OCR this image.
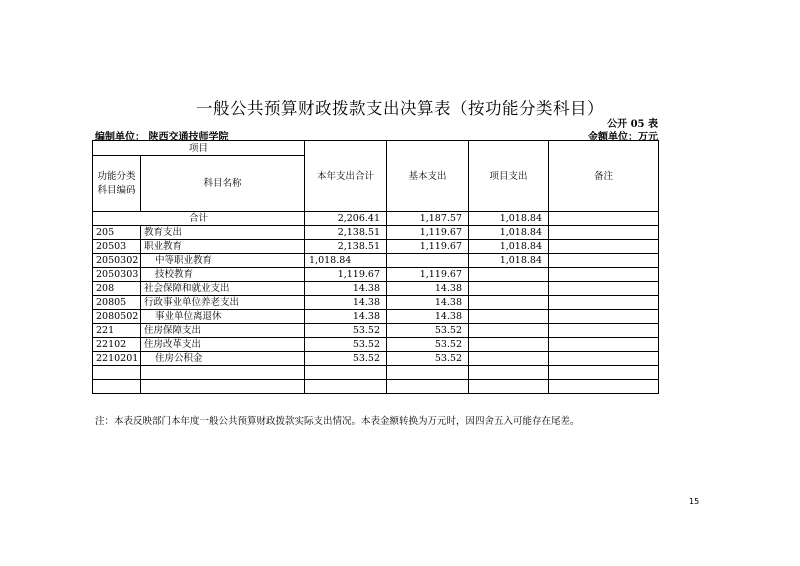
一般公共预算财政拨款支出决算表（按功能分类科目）
公开 05 表
编制单位： 陕西交通技师学院	金额单位：万元
项目		本年支出合计	基本支出	项目支出	备注
功能分类科目编码	科目名称				
合计		2,206.41	1,187.57	1,018.84	
205	教育支出	2,138.51	1,119.67	1,018.84	
20503	职业教育	2,138.51	1,119.67	1,018.84	
2050302	中等职业教育	1,018.84		1,018.84	
2050303	技校教育	1,119.67	1,119.67		
208	社会保障和就业支出	14.38	14.38		
20805	行政事业单位养老支出	14.38	14.38		
2080502	事业单位离退休	14.38	14.38		
221	住房保障支出	53.52	53.52		
22102	住房改革支出	53.52	53.52		
2210201	住房公积金	53.52	53.52		

注：本表反映部门本年度一般公共预算财政拨款实际支出情况。本表金额转换为万元时，因四舍五入可能存在尾差。
15
